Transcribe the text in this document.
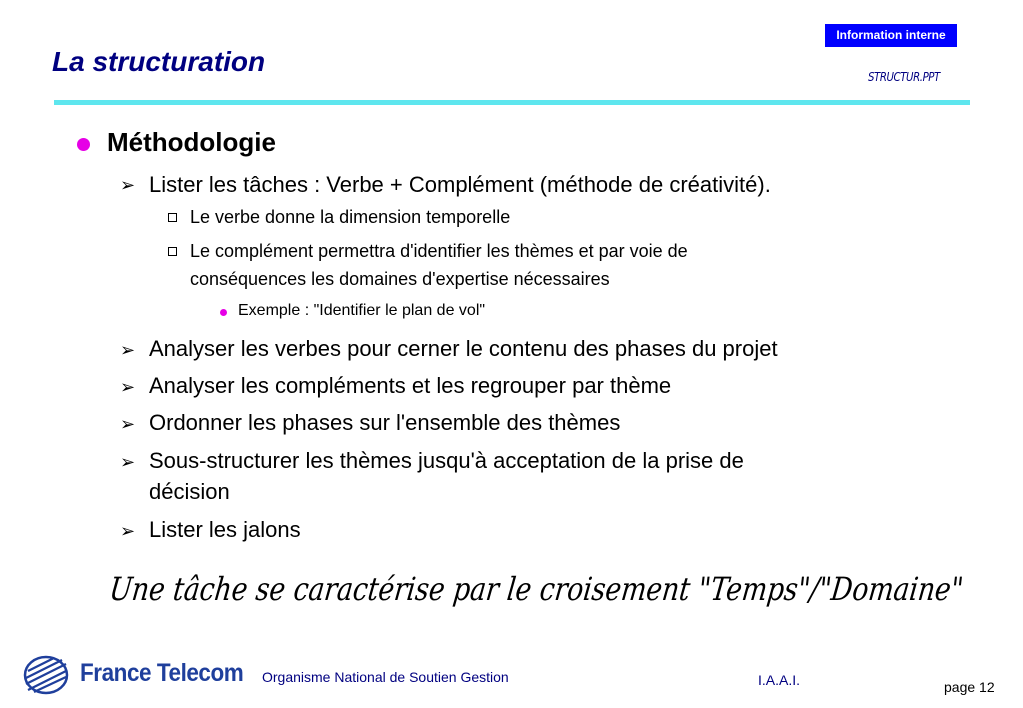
Information interne
La structuration	STRUCTUR.PPT
Méthodologie
➢ Lister les tâches : Verbe + Complément (méthode de créativité).
Le verbe donne la dimension temporelle
Le complément permettra d'identifier les thèmes et par voie de
conséquences les domaines d'expertise nécessaires
Exemple : "Identifier le plan de vol"
➢ Analyser les verbes pour cerner le contenu des phases du projet
➢ Analyser les compléments et les regrouper par thème
➢ Ordonner les phases sur l'ensemble des thèmes
➢ Sous-structurer les thèmes jusqu'à acceptation de la prise de
décision
➢ Lister les jalons
Une tâche se caractérise par le croisement "Temps"/"Domaine"
France Telecom Organisme National de Soutien Gestion	I.A.A.I.	page 12
